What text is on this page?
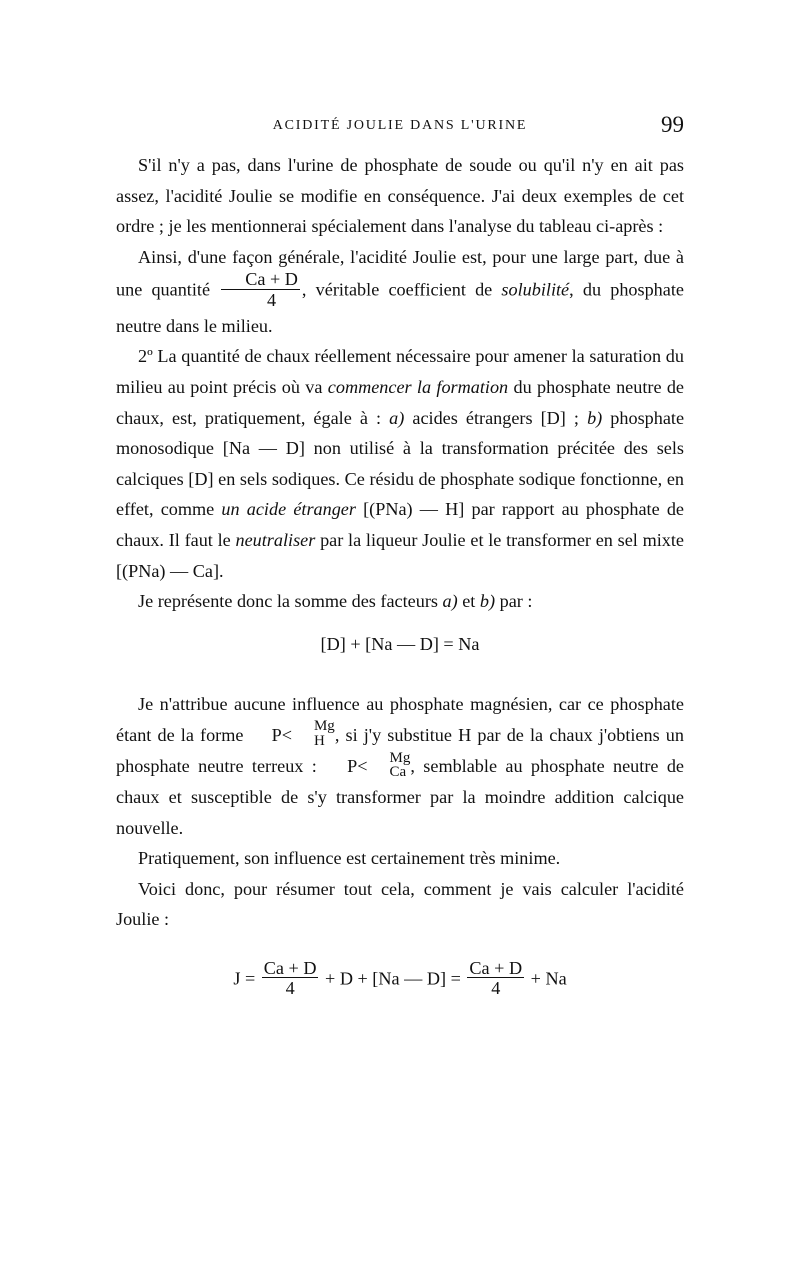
ACIDITÉ JOULIE DANS L'URINE	99

S'il n'y a pas, dans l'urine de phosphate de soude ou qu'il n'y en ait pas assez, l'acidité Joulie se modifie en conséquence. J'ai deux exemples de cet ordre ; je les mentionnerai spécialement dans l'analyse du tableau ci-après :

Ainsi, d'une façon générale, l'acidité Joulie est, pour une large part, due à une quantité $\frac{Ca + D}{4}$ , véritable coefficient de solubilité, du phosphate neutre dans le milieu.

2º La quantité de chaux réellement nécessaire pour amener la saturation du milieu au point précis où va commencer la formation du phosphate neutre de chaux, est, pratiquement, égale à : a) acides étrangers [D] ; b) phosphate monosodique [Na — D] non utilisé à la transformation précitée des sels calciques [D] en sels sodiques. Ce résidu de phosphate sodique fonctionne, en effet, comme un acide étranger [(PNa) — H] par rapport au phosphate de chaux. Il faut le neutraliser par la liqueur Joulie et le transformer en sel mixte [(PNa) — Ca].

Je représente donc la somme des facteurs a) et b) par :

[D] + [Na — D] = Na

Je n'attribue aucune influence au phosphate magnésien, car ce phosphate étant de la forme P<	Mg
H , si j'y substitue H par de la chaux j'obtiens un phosphate neutre terreux : P<	Mg
Ca , semblable au phosphate neutre de chaux et susceptible de s'y transformer par la moindre addition calcique nouvelle.

Pratiquement, son influence est certainement très minime.

Voici donc, pour résumer tout cela, comment je vais calculer l'acidité Joulie :

$J = \frac{Ca + D}{4} + D + [Na$ — $D] = \frac{Ca + D}{4} + Na$
